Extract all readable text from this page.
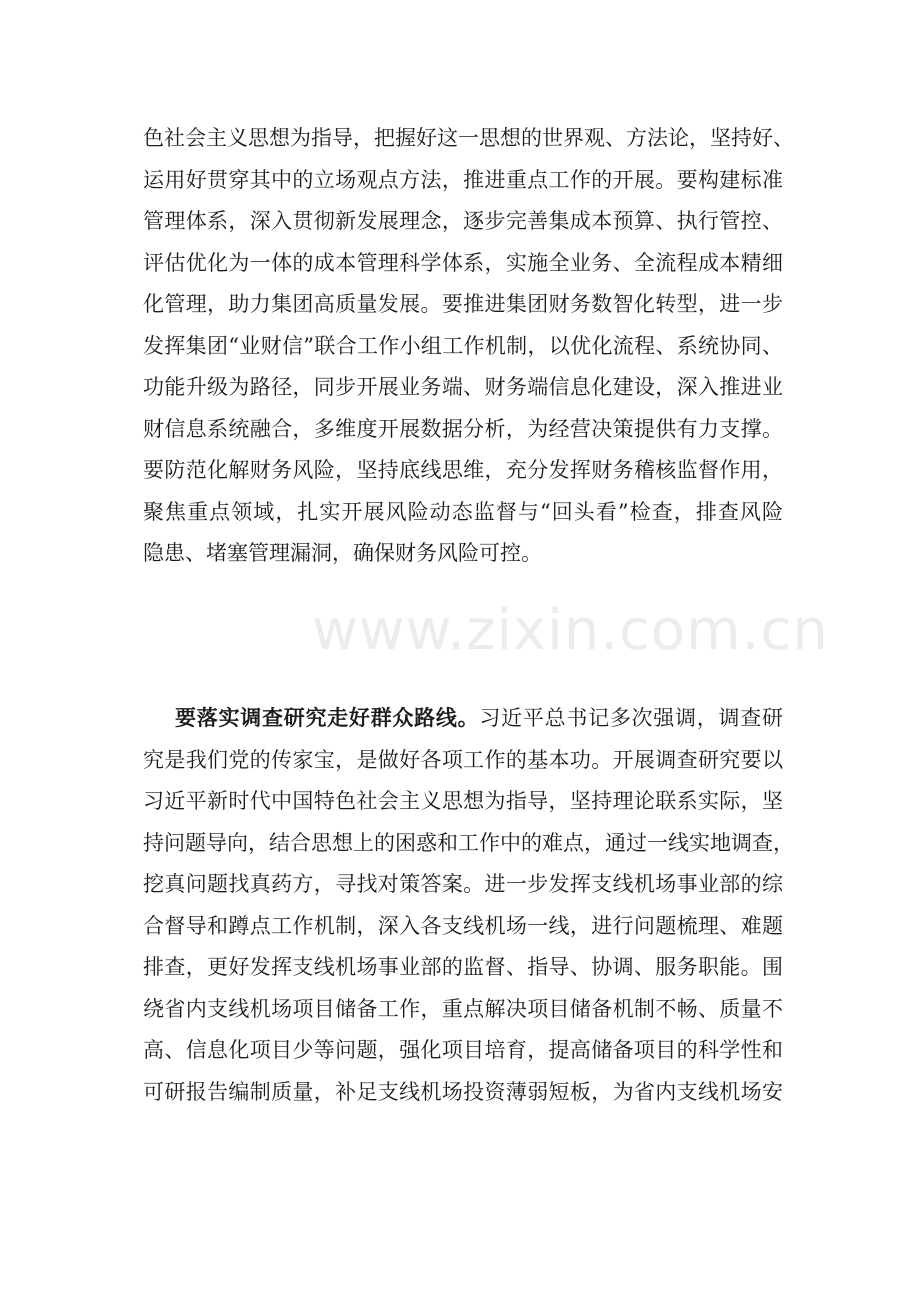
色社会主义思想为指导，把握好这一思想的世界观、方法论，坚持好、
运用好贯穿其中的立场观点方法，推进重点工作的开展。要构建标准
管理体系，深入贯彻新发展理念，逐步完善集成本预算、执行管控、
评估优化为一体的成本管理科学体系，实施全业务、全流程成本精细
化管理，助力集团高质量发展。要推进集团财务数智化转型，进一步
发挥集团“业财信”联合工作小组工作机制，以优化流程、系统协同、
功能升级为路径，同步开展业务端、财务端信息化建设，深入推进业
财信息系统融合，多维度开展数据分析，为经营决策提供有力支撑。
要防范化解财务风险，坚持底线思维，充分发挥财务稽核监督作用，
聚焦重点领域，扎实开展风险动态监督与“回头看”检查，排查风险
隐患、堵塞管理漏洞，确保财务风险可控。
www.zixin.com.cn
要落实调查研究走好群众路线。习近平总书记多次强调，调查研
究是我们党的传家宝，是做好各项工作的基本功。开展调查研究要以
习近平新时代中国特色社会主义思想为指导，坚持理论联系实际，坚
持问题导向，结合思想上的困惑和工作中的难点，通过一线实地调查，
挖真问题找真药方，寻找对策答案。进一步发挥支线机场事业部的综
合督导和蹲点工作机制，深入各支线机场一线，进行问题梳理、难题
排查，更好发挥支线机场事业部的监督、指导、协调、服务职能。围
绕省内支线机场项目储备工作，重点解决项目储备机制不畅、质量不
高、信息化项目少等问题，强化项目培育，提高储备项目的科学性和
可研报告编制质量，补足支线机场投资薄弱短板，为省内支线机场安
